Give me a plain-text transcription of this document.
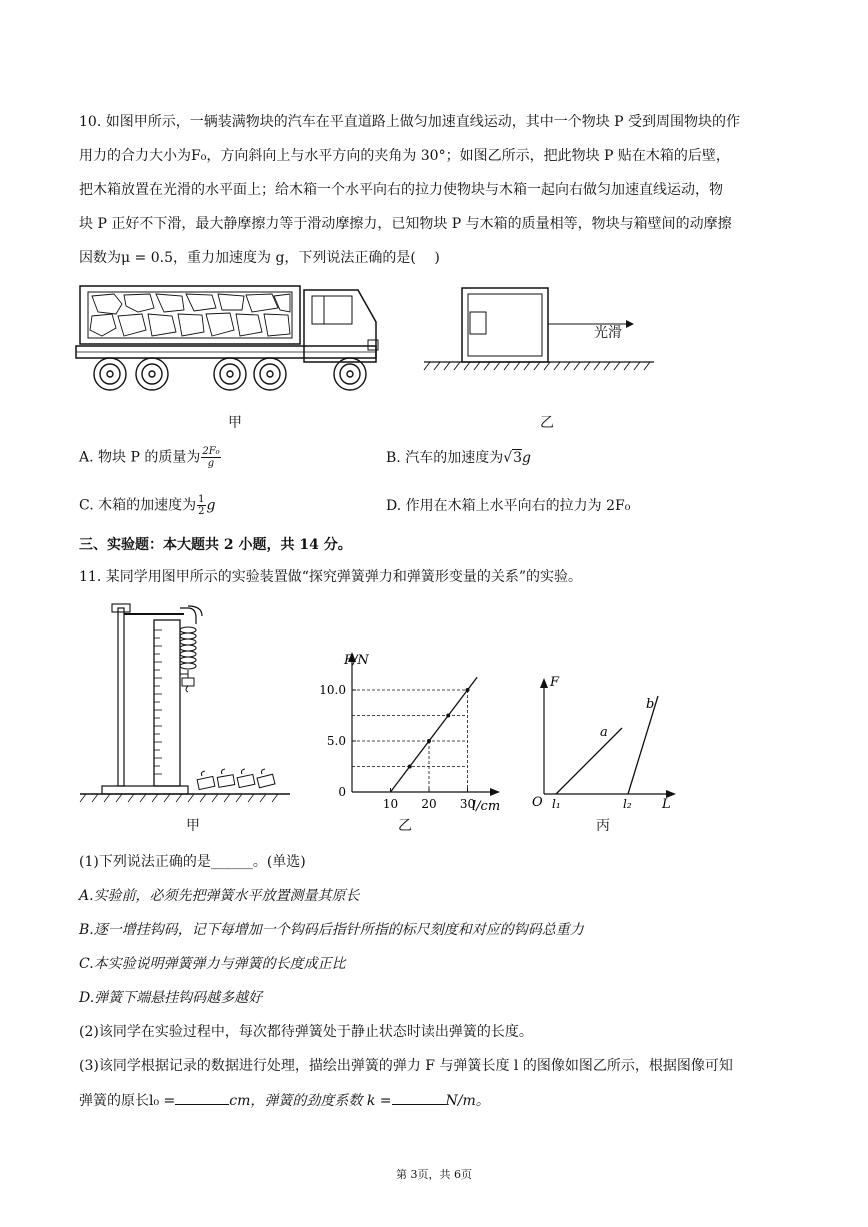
10. 如图甲所示，一辆装满物块的汽车在平直道路上做匀加速直线运动，其中一个物块 P 受到周围物块的作
用力的合力大小为F₀，方向斜向上与水平方向的夹角为 30°；如图乙所示，把此物块 P 贴在木箱的后壁，
把木箱放置在光滑的水平面上；给木箱一个水平向右的拉力使物块与木箱一起向右做匀加速直线运动，物
块 P 正好不下滑，最大静摩擦力等于滑动摩擦力，已知物块 P 与木箱的质量相等，物块与箱壁间的动摩擦
因数为μ = 0.5，重力加速度为 g，下列说法正确的是(　 )
甲
光滑
乙
A. 物块 P 的质量为 $\frac{\text{2F₀}}{g}$	B. 汽车的加速度为√3g
C. 木箱的加速度为 $\frac{1}{2}$ g	D. 作用在木箱上水平向右的拉力为 2F₀
三、实验题：本大题共 2 小题，共 14 分。
11. 某同学用图甲所示的实验装置做“探究弹簧弹力和弹簧形变量的关系”的实验。
甲
0
5.0
10.0
10 20 30
F/N
l/cm
乙
F
L
O l₁	l₂
a
b
丙
(1)下列说法正确的是______。(单选)
A.实验前，必须先把弹簧水平放置测量其原长
B.逐一增挂钩码，记下每增加一个钩码后指针所指的标尺刻度和对应的钩码总重力
C.本实验说明弹簧弹力与弹簧的长度成正比
D.弹簧下端悬挂钩码越多越好
(2)该同学在实验过程中，每次都待弹簧处于静止状态时读出弹簧的长度。
(3)该同学根据记录的数据进行处理，描绘出弹簧的弹力 F 与弹簧长度 l 的图像如图乙所示，根据图像可知
弹簧的原长l₀ =	cm，弹簧的劲度系数 k =	N/m。
第 3页，共 6页
